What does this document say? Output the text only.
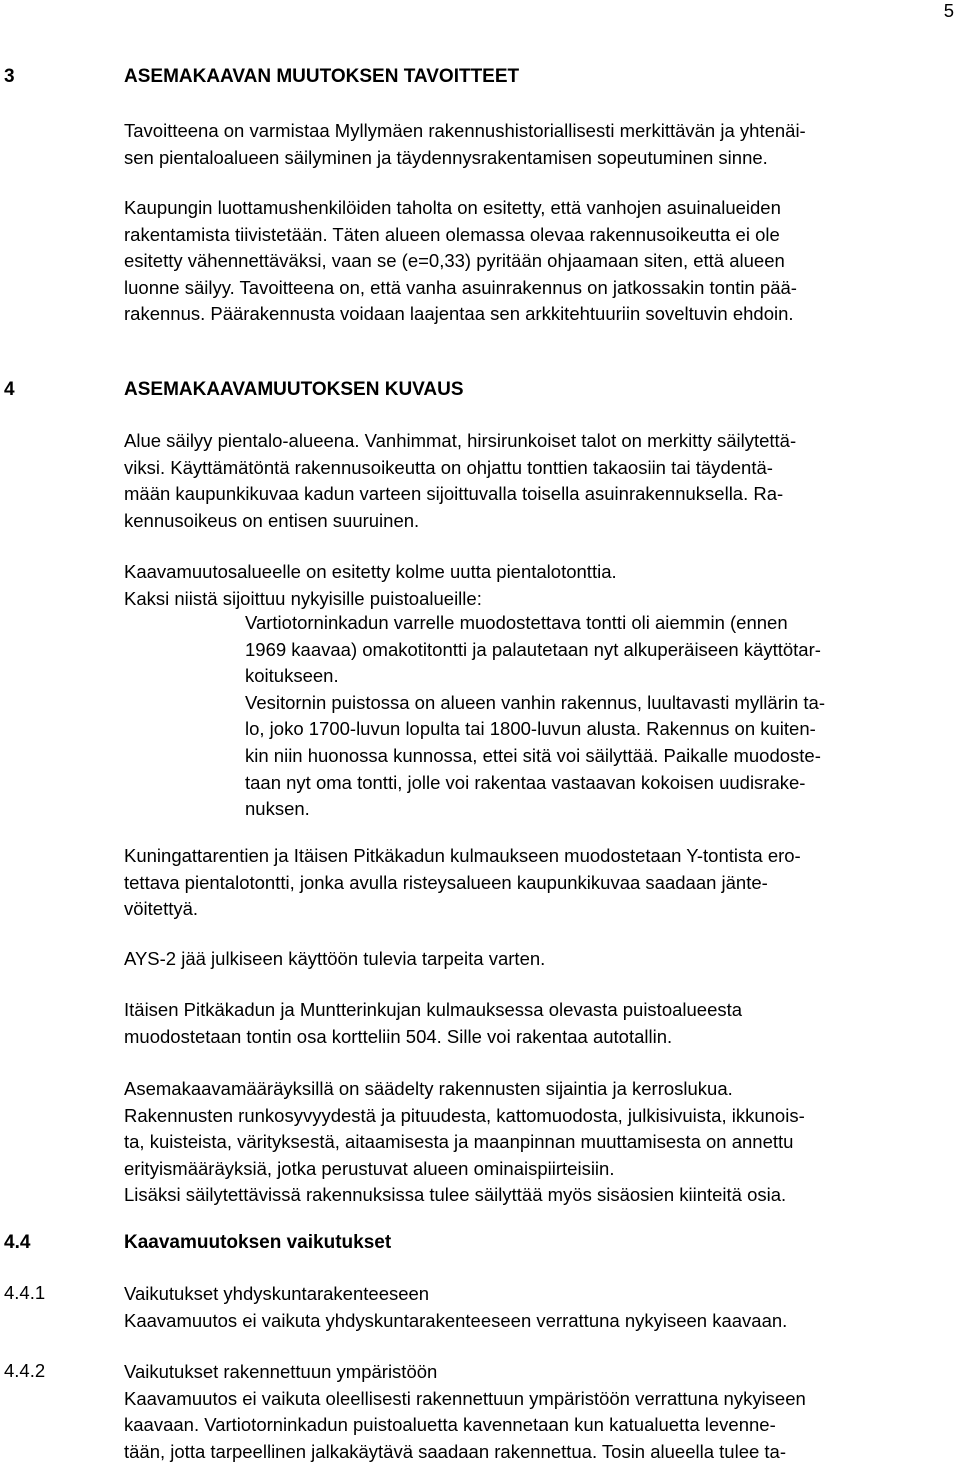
5
3	ASEMAKAAVAN MUUTOKSEN TAVOITTEET
Tavoitteena on varmistaa Myllymäen rakennushistoriallisesti merkittävän ja yhtenäi-
sen pientaloalueen säilyminen ja täydennysrakentamisen sopeutuminen sinne.
Kaupungin luottamushenkilöiden taholta on esitetty, että vanhojen asuinalueiden
rakentamista tiivistetään. Täten alueen olemassa olevaa rakennusoikeutta ei ole
esitetty vähennettäväksi, vaan se (e=0,33) pyritään ohjaamaan siten, että alueen
luonne säilyy. Tavoitteena on, että vanha asuinrakennus on jatkossakin tontin pää-
rakennus. Päärakennusta voidaan laajentaa sen arkkitehtuuriin soveltuvin ehdoin.
4	ASEMAKAAVAMUUTOKSEN KUVAUS
Alue säilyy pientalo-alueena. Vanhimmat, hirsirunkoiset talot on merkitty säilytettä-
viksi. Käyttämätöntä rakennusoikeutta on ohjattu tonttien takaosiin tai täydentä-
mään kaupunkikuvaa kadun varteen sijoittuvalla toisella asuinrakennuksella. Ra-
kennusoikeus on entisen suuruinen.
Kaavamuutosalueelle on esitetty kolme uutta pientalotonttia.
Kaksi niistä sijoittuu nykyisille puistoalueille:
Vartiotorninkadun varrelle muodostettava tontti oli aiemmin (ennen
1969 kaavaa) omakotitontti ja palautetaan nyt alkuperäiseen käyttötar-
koitukseen.
Vesitornin puistossa on alueen vanhin rakennus, luultavasti myllärin ta-
lo, joko 1700-luvun lopulta tai 1800-luvun alusta. Rakennus on kuiten-
kin niin huonossa kunnossa, ettei sitä voi säilyttää. Paikalle muodoste-
taan nyt oma tontti, jolle voi rakentaa vastaavan kokoisen uudisrake-
nuksen.
Kuningattarentien ja Itäisen Pitkäkadun kulmaukseen muodostetaan Y-tontista ero-
tettava pientalotontti, jonka avulla risteysalueen kaupunkikuvaa saadaan jänte-
vöitettyä.
AYS-2 jää julkiseen käyttöön tulevia tarpeita varten.
Itäisen Pitkäkadun ja Muntterinkujan kulmauksessa olevasta puistoalueesta
muodostetaan tontin osa kortteliin 504. Sille voi rakentaa autotallin.
Asemakaavamääräyksillä on säädelty rakennusten sijaintia ja kerroslukua.
Rakennusten runkosyvyydestä ja pituudesta, kattomuodosta, julkisivuista, ikkunois-
ta, kuisteista, värityksestä, aitaamisesta ja maanpinnan muuttamisesta on annettu
erityismääräyksiä, jotka perustuvat alueen ominaispiirteisiin.
Lisäksi säilytettävissä rakennuksissa tulee säilyttää myös sisäosien kiinteitä osia.
4.4	Kaavamuutoksen vaikutukset
4.4.1	Vaikutukset yhdyskuntarakenteeseen
Kaavamuutos ei vaikuta yhdyskuntarakenteeseen verrattuna nykyiseen kaavaan.
4.4.2	Vaikutukset rakennettuun ympäristöön
Kaavamuutos ei vaikuta oleellisesti rakennettuun ympäristöön verrattuna nykyiseen
kaavaan. Vartiotorninkadun puistoaluetta kavennetaan kun katualuetta levenne-
tään, jotta tarpeellinen jalkakäytävä saadaan rakennettua. Tosin alueella tulee ta-
